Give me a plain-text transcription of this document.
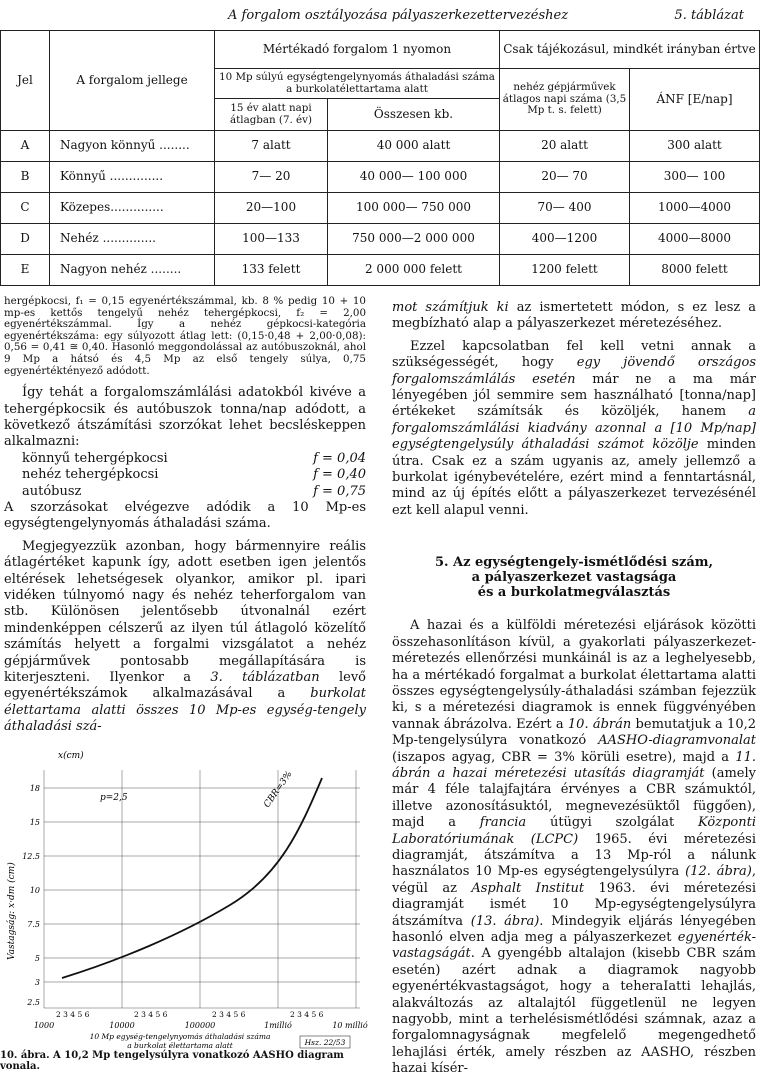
A forgalom osztályozása pályaszerkezettervezéshez	5. táblázat
Jel	A forgalom jellege	Mértékadó forgalom 1 nyomon		Csak tájékozásul, mindkét irányban értve	
		10 Mp súlyú egységtengelynyomás áthaladási száma a burkolatélettartama alatt		nehéz gépjárművek átlagos napi száma (3,5 Mp t. s. felett)	ÁNF [E/nap]
		15 év alatt napi átlagban (7. év)	Összesen kb.		
A	Nagyon könnyű ........	7 alatt	40 000 alatt	20 alatt	300 alatt
B	Könnyű ..............	7— 20	40 000— 100 000	20— 70	300— 100
C	Közepes..............	20—100	100 000— 750 000	70— 400	1000—4000
D	Nehéz ..............	100—133	750 000—2 000 000	400—1200	4000—8000
E	Nagyon nehéz ........	133 felett	2 000 000 felett	1200 felett	8000 felett

hergépkocsi, f₁ = 0,15 egyenértékszámmal, kb. 8 % pedig 10 + 10 mp-es kettős tengelyű nehéz tehergépkocsi, f₂ = 2,00 egyenértékszámmal. Így a nehéz gépkocsi-kategória egyenértékszáma: egy súlyozott átlag lett: (0,15·0,48 + 2,00·0,08): 0,56 = 0,41 ≅ 0,40. Hasonló meggondolással az autóbuszoknál, ahol 9 Mp a hátsó és 4,5 Mp az első tengely súlya, 0,75 egyenértéktényező adódott.

Így tehát a forgalomszámlálási adatokból kivéve a tehergépkocsik és autóbuszok tonna/nap adódott, a következő átszámítási szorzókat lehet becsléskeppen alkalmazni:

könnyű tehergépkocsi	f = 0,04
nehéz tehergépkocsi	f = 0,40
autóbusz	f = 0,75

A szorzásokat elvégezve adódik a 10 Mp-es egységtengelynyomás áthaladási száma.

Megjegyezzük azonban, hogy bármennyire reális átlagértéket kapunk így, adott esetben igen jelentős eltérések lehetségesek olyankor, amikor pl. ipari vidéken túlnyomó nagy és nehéz teherforgalom van stb. Különösen jelentősebb útvonalnál ezért mindenképpen célszerű az ilyen túl átlagoló közelítő számítás helyett a forgalmi vizsgálatot a nehéz gépjárművek pontosabb megállapítására is kiterjeszteni. Ilyenkor a 3. táblázatban levő egyenértékszámok alkalmazásával a burkolat élettartama alatti összes 10 Mp-es egység-tengely áthaladási szá-

mot számítjuk ki az ismertetett módon, s ez lesz a megbízható alap a pályaszerkezet méretezéséhez.

Ezzel kapcsolatban fel kell vetni annak a szükségességét, hogy egy jövendő országos forgalomszámlálás esetén már ne a ma már lényegében jól semmire sem használható [tonna/nap] értékeket számítsák és közöljék, hanem a forgalomszámlálási kiadvány azonnal a [10 Mp/nap] egységtengelysúly áthaladási számot közölje minden útra. Csak ez a szám ugyanis az, amely jellemző a burkolat igénybevételére, ezért mind a fenntartásnál, mind az új építés előtt a pályaszerkezet tervezésénél ezt kell alapul venni.

5. Az egységtengely-ismétlődési szám,
a pályaszerkezet vastagsága
és a burkolatmegválasztás

A hazai és a külföldi méretezési eljárások közötti összehasonlításon kívül, a gyakorlati pályaszerkezet-méretezés ellenőrzési munkáinál is az a leghelyesebb, ha a mértékadó forgalmat a burkolat élettartama alatti összes egységtengelysúly-áthaladási számban fejezzük ki, s a méretezési diagramok is ennek függvényében vannak ábrázolva. Ezért a 10. ábrán bemutatjuk a 10,2 Mp-tengelysúlyra vonatkozó AASHO-diagramvonalat (iszapos agyag, CBR = 3% körüli esetre), majd a 11. ábrán a hazai méretezési utasítás diagramját (amely már 4 féle talajfajtára érvényes a CBR számuktól, illetve azonosításuktól, megnevezésüktől függően), majd a francia útügyi szolgálat Központi Laboratóriumának (LCPC) 1965. évi méretezési diagramját, átszámítva a 13 Mp-ról a nálunk használatos 10 Mp-es egységtengelysúlyra (12. ábra), végül az Asphalt Institut 1963. évi méretezési diagramját ismét 10 Mp-egységtengelysúlyra átszámítva (13. ábra). Mindegyik eljárás lényegében hasonló elven adja meg a pályaszerkezet egyenérték-vastagságát. A gyengébb altalajon (kisebb CBR szám esetén) azért adnak a diagramok nagyobb egyenértékvastagságot, hogy a teheraIatti lehajlás, alakváltozás az altalajtól függetlenül ne legyen nagyobb, mint a terhelésismétlődési számnak, azaz a forgalomnagyságnak megfelelő megengedhető lehajlási érték, amely részben az AASHO, részben hazai kísér-

x(cm)
p=2,5	CBR=3%
Vastagság: x·dm (cm)
18
15
12.5
10
7.5
5
3
2.5
2 3 4 5 6	2 3 4 5 6	2 3 4 5 6	2 3 4 5 6
1000	10000	100000	1millió	10 millió
10 Mp egység-tengelynyomás áthaladási száma
a burkolat élettartama alatt	Hsz. 22/53
10. ábra. A 10,2 Mp tengelysúlyra vonatkozó AASHO diagram vonala.
